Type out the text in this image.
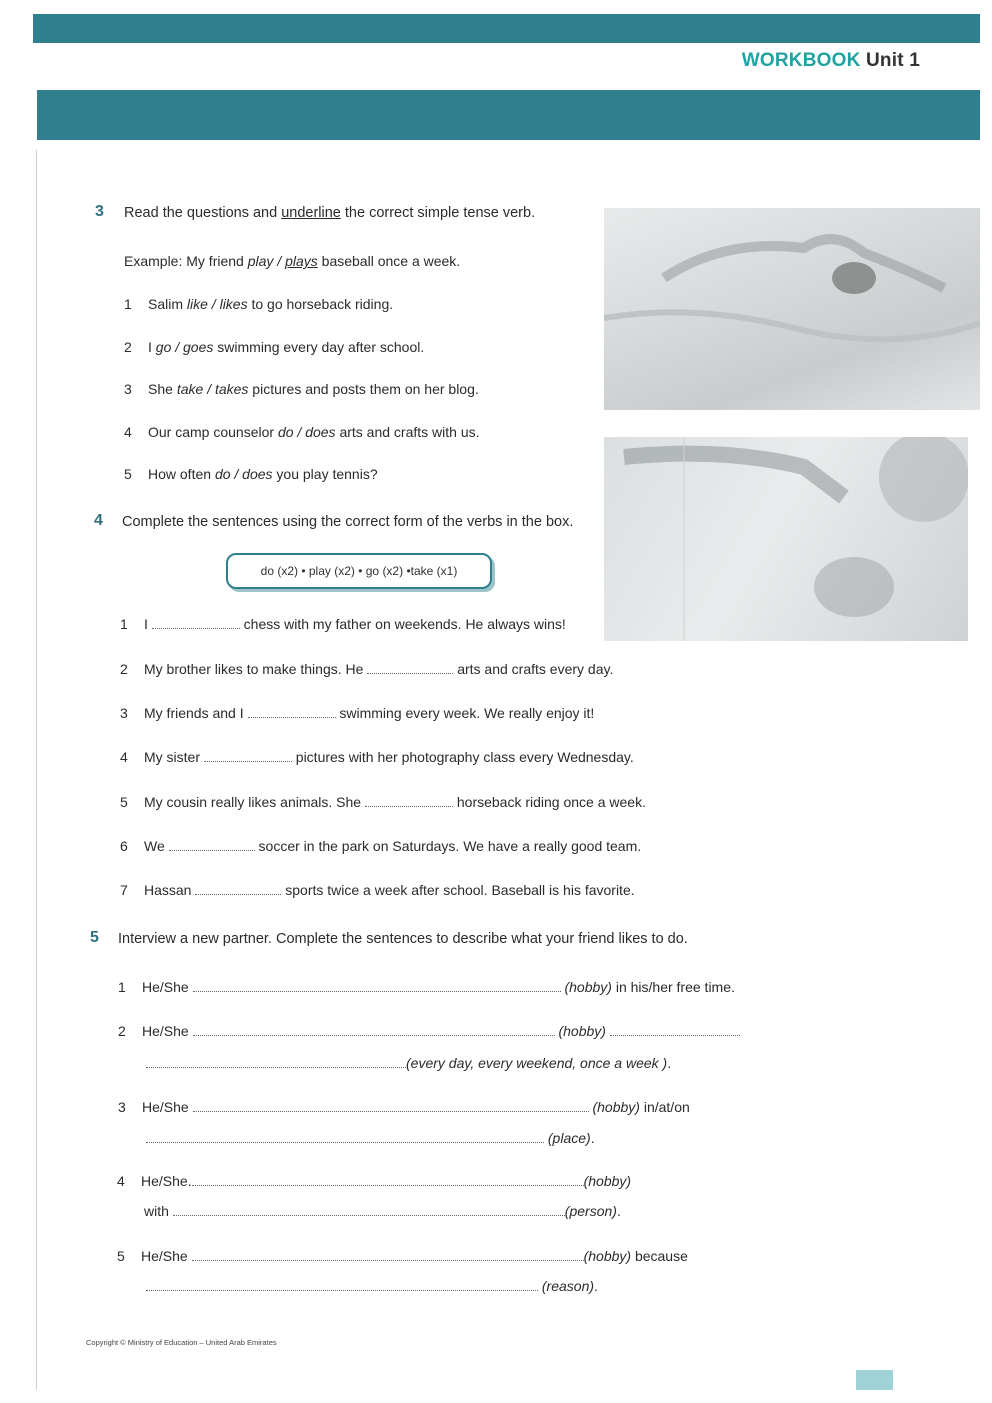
WORKBOOK Unit 1
3 Read the questions and underline the correct simple tense verb.
Example: My friend play / plays baseball once a week.
1 Salim like / likes to go horseback riding.
2 I go / goes swimming every day after school.
3 She take / takes pictures and posts them on her blog.
4 Our camp counselor do / does arts and crafts with us.
5 How often do / does you play tennis?
4 Complete the sentences using the correct form of the verbs in the box.
do (x2) • play (x2) • go (x2) •take (x1)
1 I	chess with my father on weekends. He always wins!
2 My brother likes to make things. He	arts and crafts every day.
3 My friends and I	swimming every week. We really enjoy it!
4 My sister	pictures with her photography class every Wednesday.
5 My cousin really likes animals. She	horseback riding once a week.
6 We	soccer in the park on Saturdays. We have a really good team.
7 Hassan	sports twice a week after school. Baseball is his favorite.
5 Interview a new partner. Complete the sentences to describe what your friend likes to do.
1 He/She	(hobby) in his/her free time.
2 He/She	(hobby)
(every day, every weekend, once a week ).
3 He/She	(hobby) in/at/on
(place).
4 He/She.	(hobby)
with	(person).
5 He/She	(hobby) because
(reason).
Copyright © Ministry of Education – United Arab Emirates
